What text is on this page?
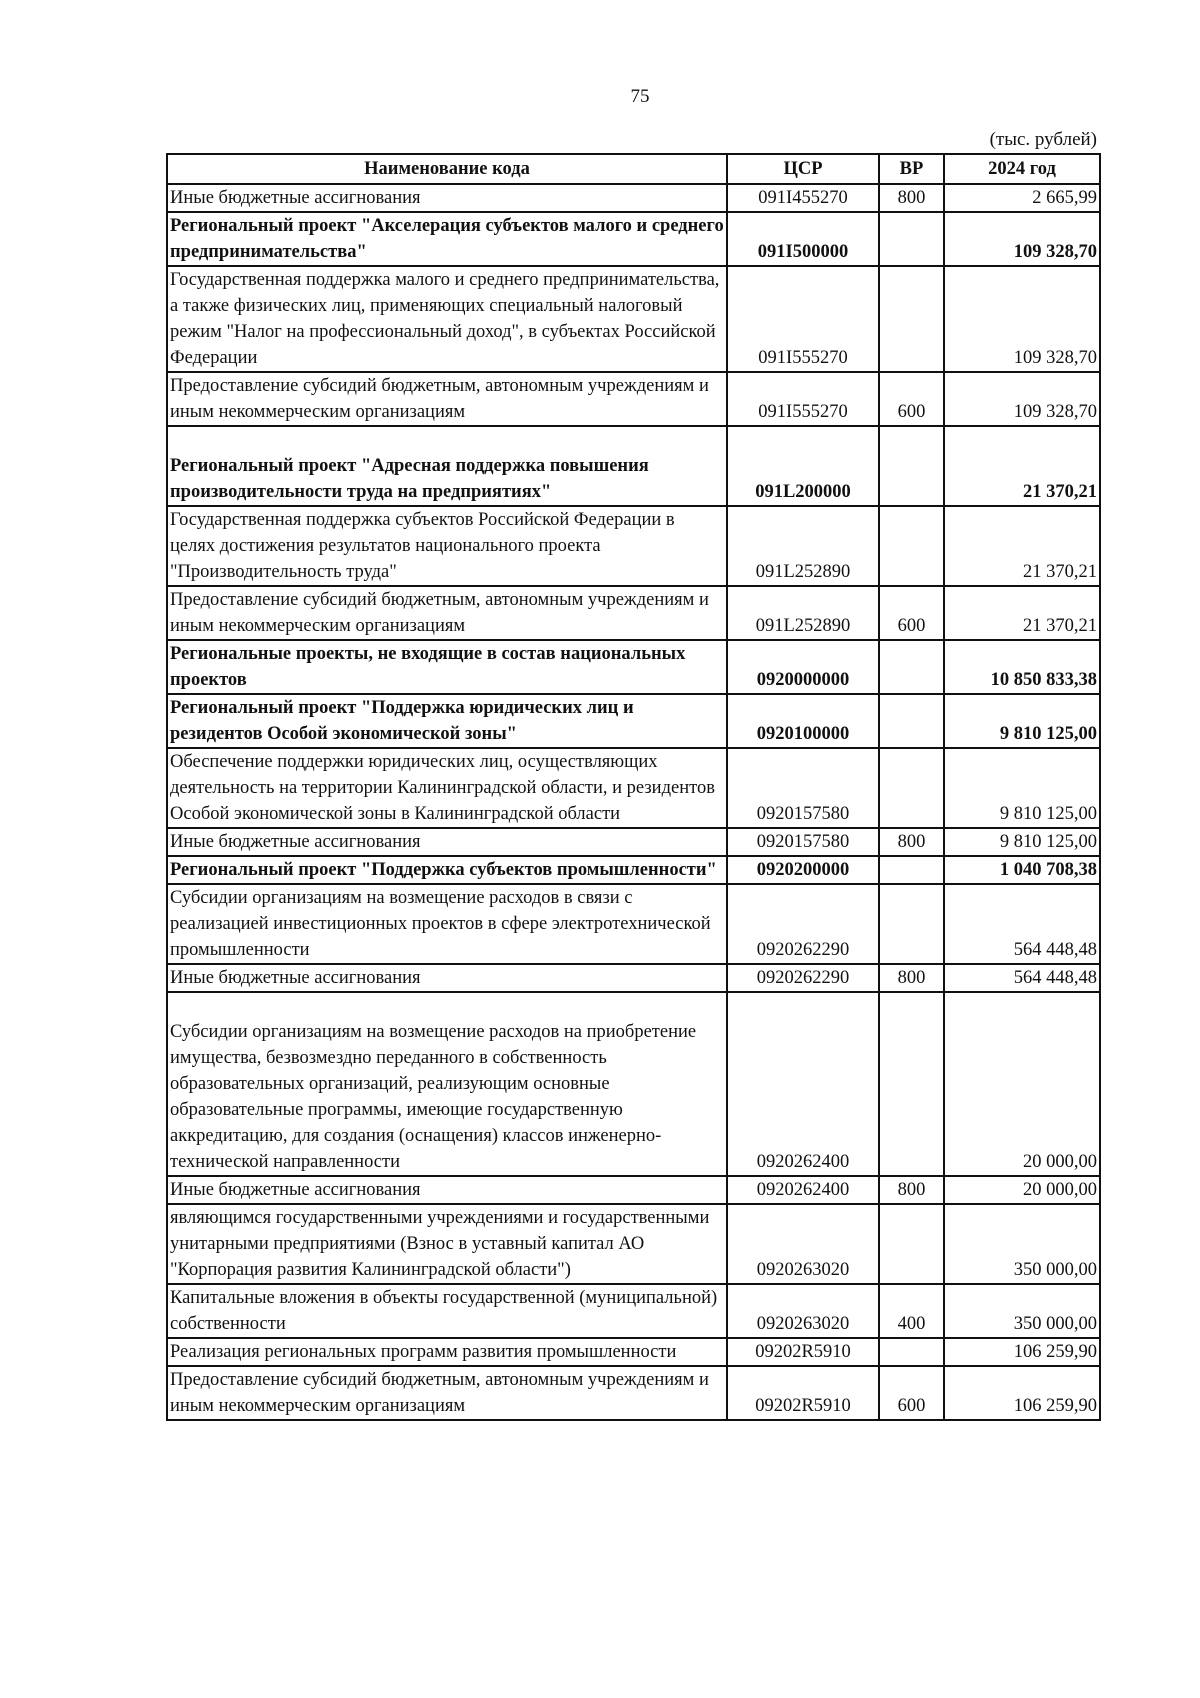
75
(тыс. рублей)
Наименование кода	ЦСР	ВР	2024 год
Иные бюджетные ассигнования	091I455270	800	2 665,99
Региональный проект "Акселерация субъектов малого и среднего предпринимательства"	091I500000		109 328,70
Государственная поддержка малого и среднего предпринимательства, а также физических лиц, применяющих специальный налоговый режим "Налог на профессиональный доход", в субъектах Российской Федерации	091I555270		109 328,70
Предоставление субсидий бюджетным, автономным учреждениям и иным некоммерческим организациям	091I555270	600	109 328,70
Региональный проект "Адресная поддержка повышения производительности труда на предприятиях"	091L200000		21 370,21
Государственная поддержка субъектов Российской Федерации в целях достижения результатов национального проекта "Производительность труда"	091L252890		21 370,21
Предоставление субсидий бюджетным, автономным учреждениям и иным некоммерческим организациям	091L252890	600	21 370,21
Региональные проекты, не входящие в состав национальных проектов	0920000000		10 850 833,38
Региональный проект "Поддержка юридических лиц и резидентов Особой экономической зоны"	0920100000		9 810 125,00
Обеспечение поддержки юридических лиц, осуществляющих деятельность на территории Калининградской области, и резидентов Особой экономической зоны в Калининградской области	0920157580		9 810 125,00
Иные бюджетные ассигнования	0920157580	800	9 810 125,00
Региональный проект "Поддержка субъектов промышленности"	0920200000		1 040 708,38
Субсидии организациям на возмещение расходов в связи с реализацией инвестиционных проектов в сфере электротехнической промышленности	0920262290		564 448,48
Иные бюджетные ассигнования	0920262290	800	564 448,48
Субсидии организациям на возмещение расходов на приобретение имущества, безвозмездно переданного в собственность образовательных организаций, реализующим основные образовательные программы, имеющие государственную аккредитацию, для создания (оснащения) классов инженерно-технической направленности	0920262400		20 000,00
Иные бюджетные ассигнования	0920262400	800	20 000,00
являющимся государственными учреждениями и государственными унитарными предприятиями (Взнос в уставный капитал АО "Корпорация развития Калининградской области")	0920263020		350 000,00
Капитальные вложения в объекты государственной (муниципальной) собственности	0920263020	400	350 000,00
Реализация региональных программ развития промышленности	09202R5910		106 259,90
Предоставление субсидий бюджетным, автономным учреждениям и иным некоммерческим организациям	09202R5910	600	106 259,90
